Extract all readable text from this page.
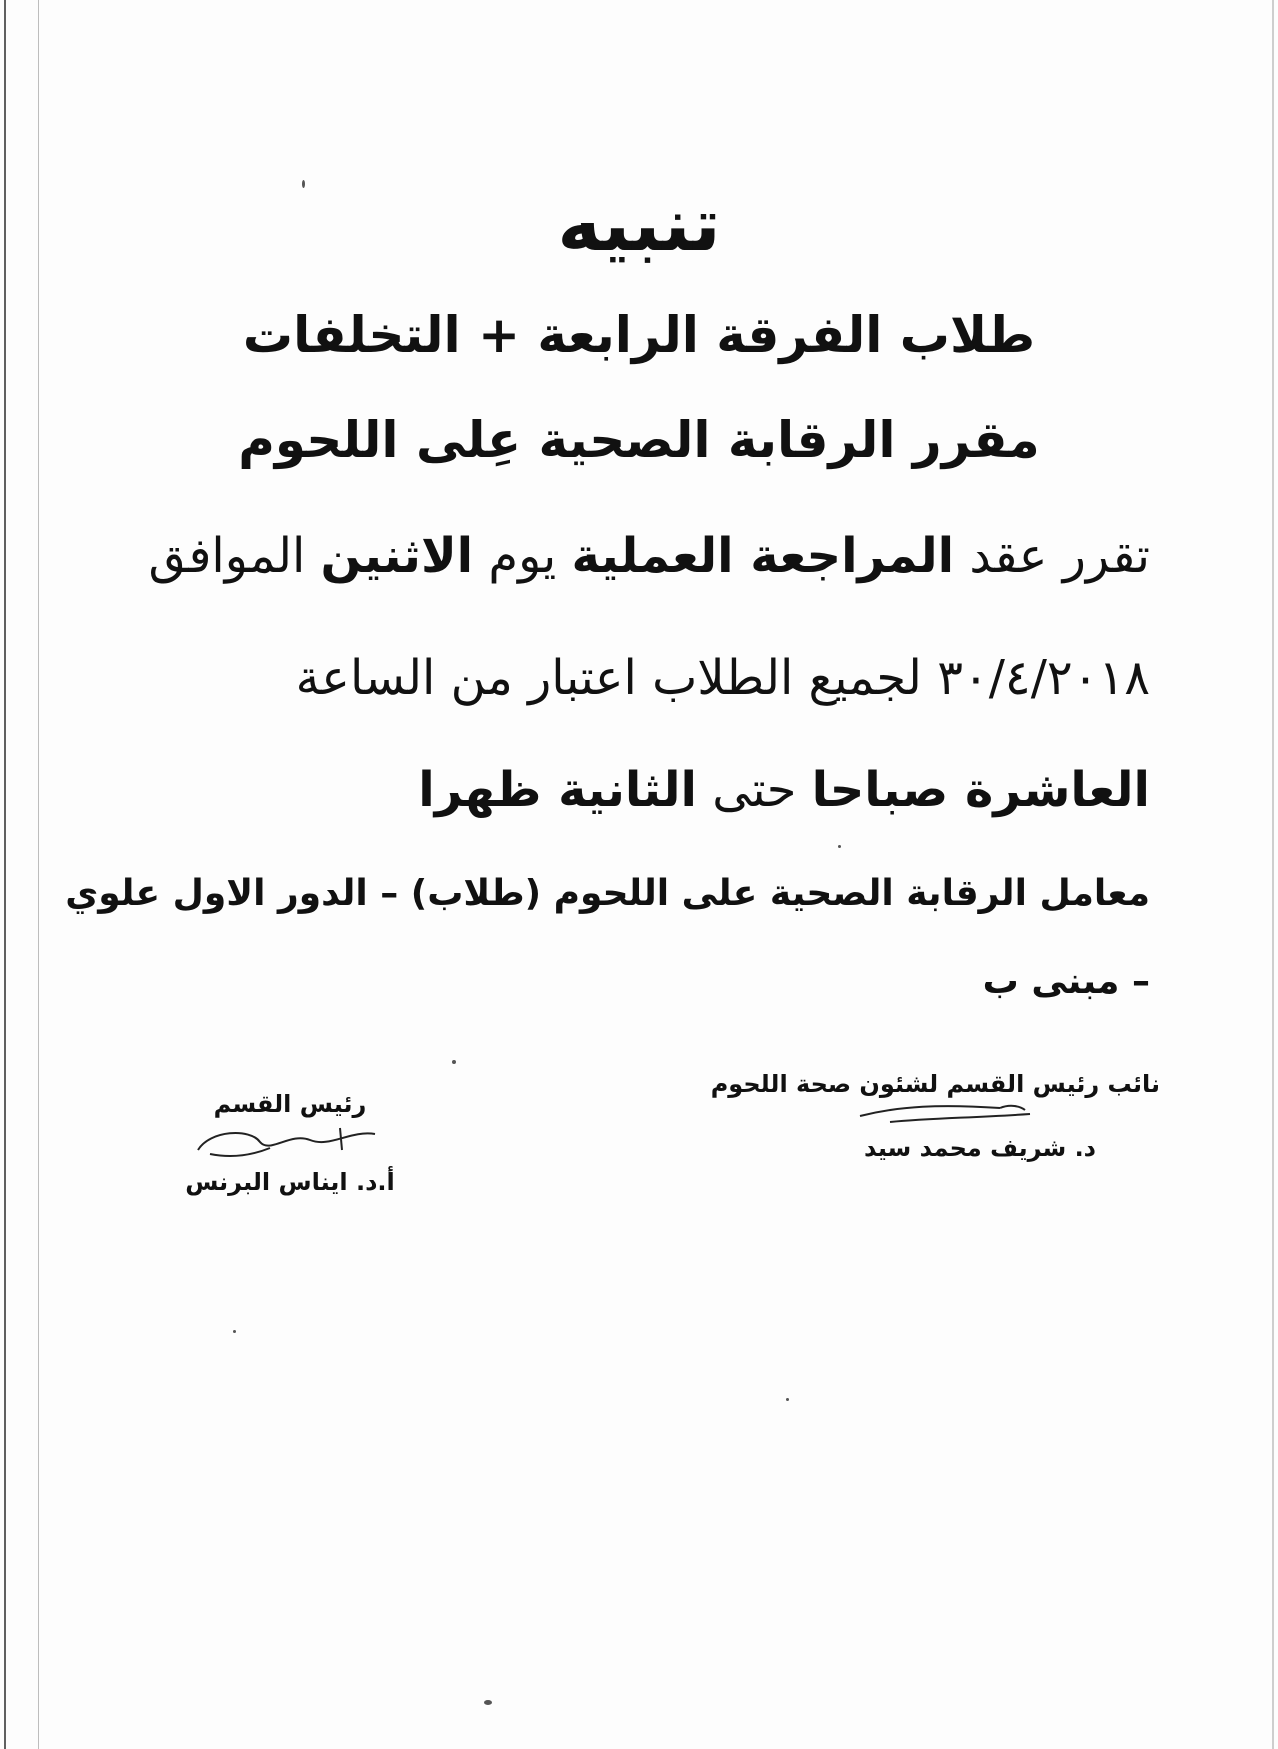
تنبيه
طلاب الفرقة الرابعة + التخلفات
مقرر الرقابة الصحية عِلى اللحوم
تقرر عقد المراجعة العملية يوم الاثنين الموافق
٣٠/٤/٢٠١٨ لجميع الطلاب اعتبار من الساعة
العاشرة صباحا حتى الثانية ظهرا
معامل الرقابة الصحية على اللحوم (طلاب) – الدور الاول علوي
– مبنى ب
نائب رئيس القسم لشئون صحة اللحوم
د. شريف محمد سيد
رئيس القسم
أ.د. ايناس البرنس
